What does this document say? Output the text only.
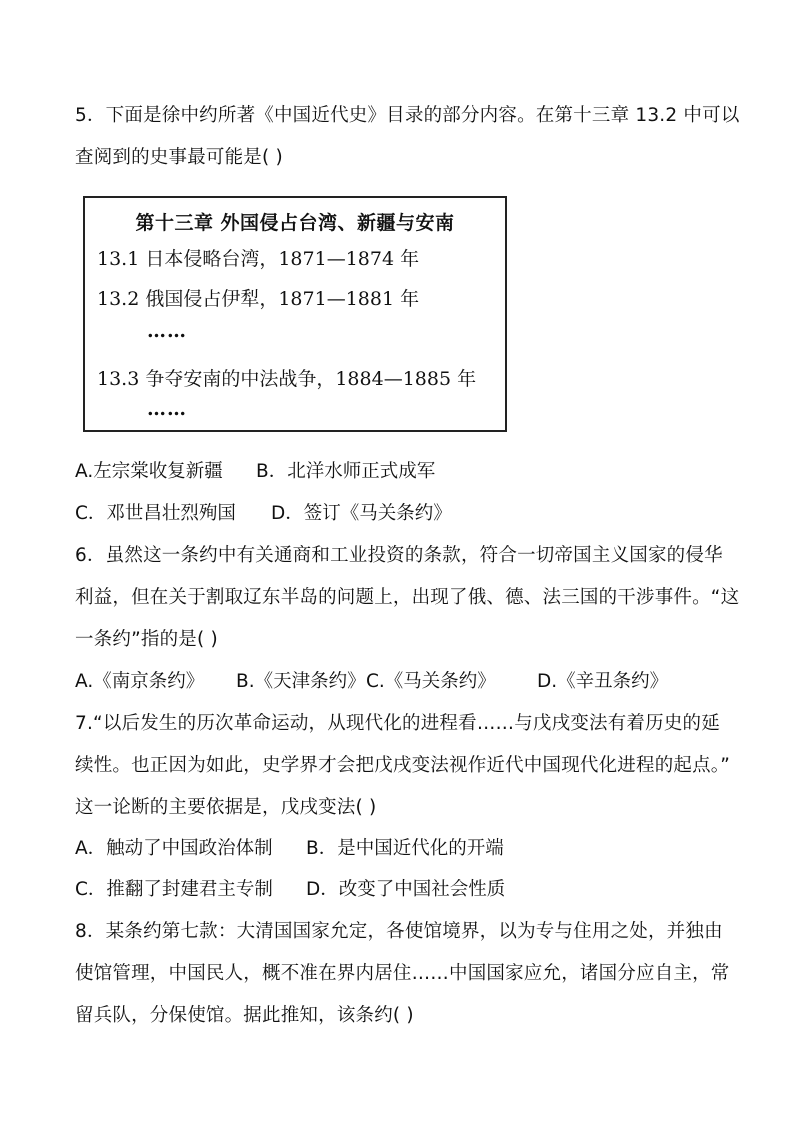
5．下面是徐中约所著《中国近代史》目录的部分内容。在第十三章 13.2 中可以
查阅到的史事最可能是( )
第十三章 外国侵占台湾、新疆与安南
13.1 日本侵略台湾，1871—1874 年
13.2 俄国侵占伊犁，1871—1881 年
……
13.3 争夺安南的中法战争，1884—1885 年
……
A.左宗棠收复新疆 B．北洋水师正式成军
C．邓世昌壮烈殉国 D．签订《马关条约》
6．虽然这一条约中有关通商和工业投资的条款，符合一切帝国主义国家的侵华
利益，但在关于割取辽东半岛的问题上，出现了俄、德、法三国的干涉事件。“这
一条约”指的是( )
A.《南京条约》 B.《天津条约》 C.《马关条约》 D.《辛丑条约》
7.“以后发生的历次革命运动，从现代化的进程看……与戊戌变法有着历史的延
续性。也正因为如此，史学界才会把戊戌变法视作近代中国现代化进程的起点。”
这一论断的主要依据是，戊戌变法( )
A．触动了中国政治体制 B．是中国近代化的开端
C．推翻了封建君主专制 D．改变了中国社会性质
8．某条约第七款：大清国国家允定，各使馆境界，以为专与住用之处，并独由
使馆管理，中国民人，概不准在界内居住……中国国家应允，诸国分应自主，常
留兵队，分保使馆。据此推知，该条约( )
